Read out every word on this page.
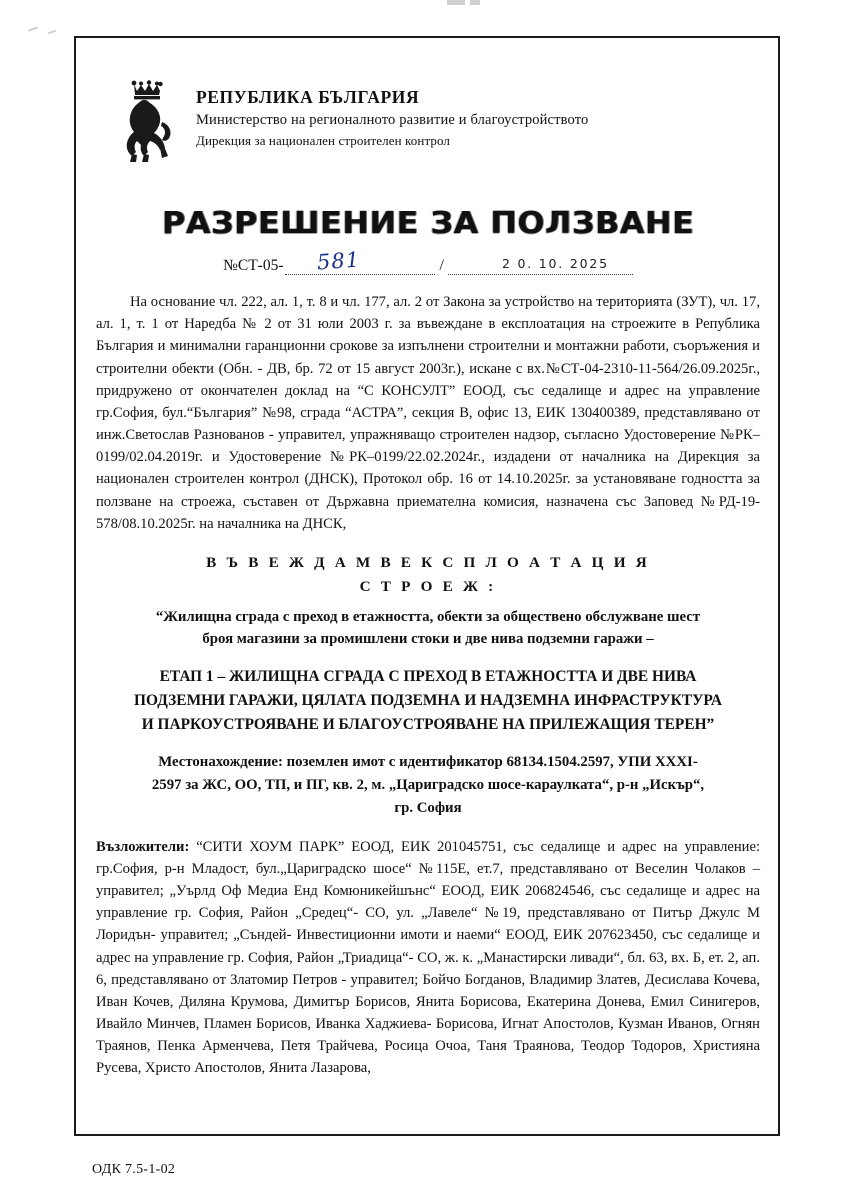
РЕПУБЛИКА БЪЛГАРИЯ
Министерство на регионалното развитие и благоустройството
Дирекция за национален строителен контрол
РАЗРЕШЕНИЕ ЗА ПОЛЗВАНЕ
№СТ-05- 581	/	2 0. 10. 2025

На основание чл. 222, ал. 1, т. 8 и чл. 177, ал. 2 от Закона за устройство на територията (ЗУТ), чл. 17, ал. 1, т. 1 от Наредба № 2 от 31 юли 2003 г. за въвеждане в експлоатация на строежите в Република България и минимални гаранционни срокове за изпълнени строителни и монтажни работи, съоръжения и строителни обекти (Обн. - ДВ, бр. 72 от 15 август 2003г.), искане с вх.№СТ-04-2310-11-564/26.09.2025г., придружено от окончателен доклад на “С КОНСУЛТ” ЕООД, със седалище и адрес на управление гр.София, бул.“България” №98, сграда “АСТРА”, секция В, офис 13, ЕИК 130400389, представлявано от инж.Светослав Разнованов - управител, упражняващо строителен надзор, съгласно Удостоверение №РК–0199/02.04.2019г. и Удостоверение №РК–0199/22.02.2024г., издадени от началника на Дирекция за национален строителен контрол (ДНСК), Протокол обр. 16 от 14.10.2025г. за установяване годността за ползване на строежа, съставен от Държавна приемателна комисия, назначена със Заповед №РД-19-578/08.10.2025г. на началника на ДНСК,

В Ъ В Е Ж Д А М В Е К С П Л О А Т А Ц И Я
С Т Р О Е Ж :
“Жилищна сграда с преход в етажността, обекти за обществено обслужване шест
броя магазини за промишлени стоки и две нива подземни гаражи –
ЕТАП 1 – ЖИЛИЩНА СГРАДА С ПРЕХОД В ЕТАЖНОСТТА И ДВЕ НИВА
ПОДЗЕМНИ ГАРАЖИ, ЦЯЛАТА ПОДЗЕМНА И НАДЗЕМНА ИНФРАСТРУКТУРА
И ПАРКОУСТРОЯВАНЕ И БЛАГОУСТРОЯВАНЕ НА ПРИЛЕЖАЩИЯ ТЕРЕН”
Местонахождение: поземлен имот с идентификатор 68134.1504.2597, УПИ XXXI-
2597 за ЖС, ОО, ТП, и ПГ, кв. 2, м. „Цариградско шосе-караулката“, р-н „Искър“,
гр. София
Възложители: “СИТИ ХОУМ ПАРК” ЕООД, ЕИК 201045751, със седалище и адрес на управление: гр.София, р-н Младост, бул.„Цариградско шосе“ №115Е, ет.7, представлявано от Веселин Чолаков – управител; „Уърлд Оф Медиа Енд Комюникейшънс“ ЕООД, ЕИК 206824546, със седалище и адрес на управление гр. София, Район „Средец“- СО, ул. „Лавеле“ №19, представлявано от Питър Джулс М Лоридън- управител; „Съндей- Инвестиционни имоти и наеми“ ЕООД, ЕИК 207623450, със седалище и адрес на управление гр. София, Район „Триадица“- СО, ж. к. „Манастирски ливади“, бл. 63, вх. Б, ет. 2, ап. 6, представлявано от Златомир Петров - управител; Бойчо Богданов, Владимир Златев, Десислава Кочева, Иван Кочев, Диляна Крумова, Димитър Борисов, Янита Борисова, Екатерина Донева, Емил Синигеров, Ивайло Минчев, Пламен Борисов, Иванка Хаджиева- Борисова, Игнат Апостолов, Кузман Иванов, Огнян Траянов, Пенка Арменчева, Петя Трайчева, Росица Очоа, Таня Траянова, Теодор Тодоров, Християна Русева, Христо Апостолов, Янита Лазарова,
ОДК 7.5-1-02
